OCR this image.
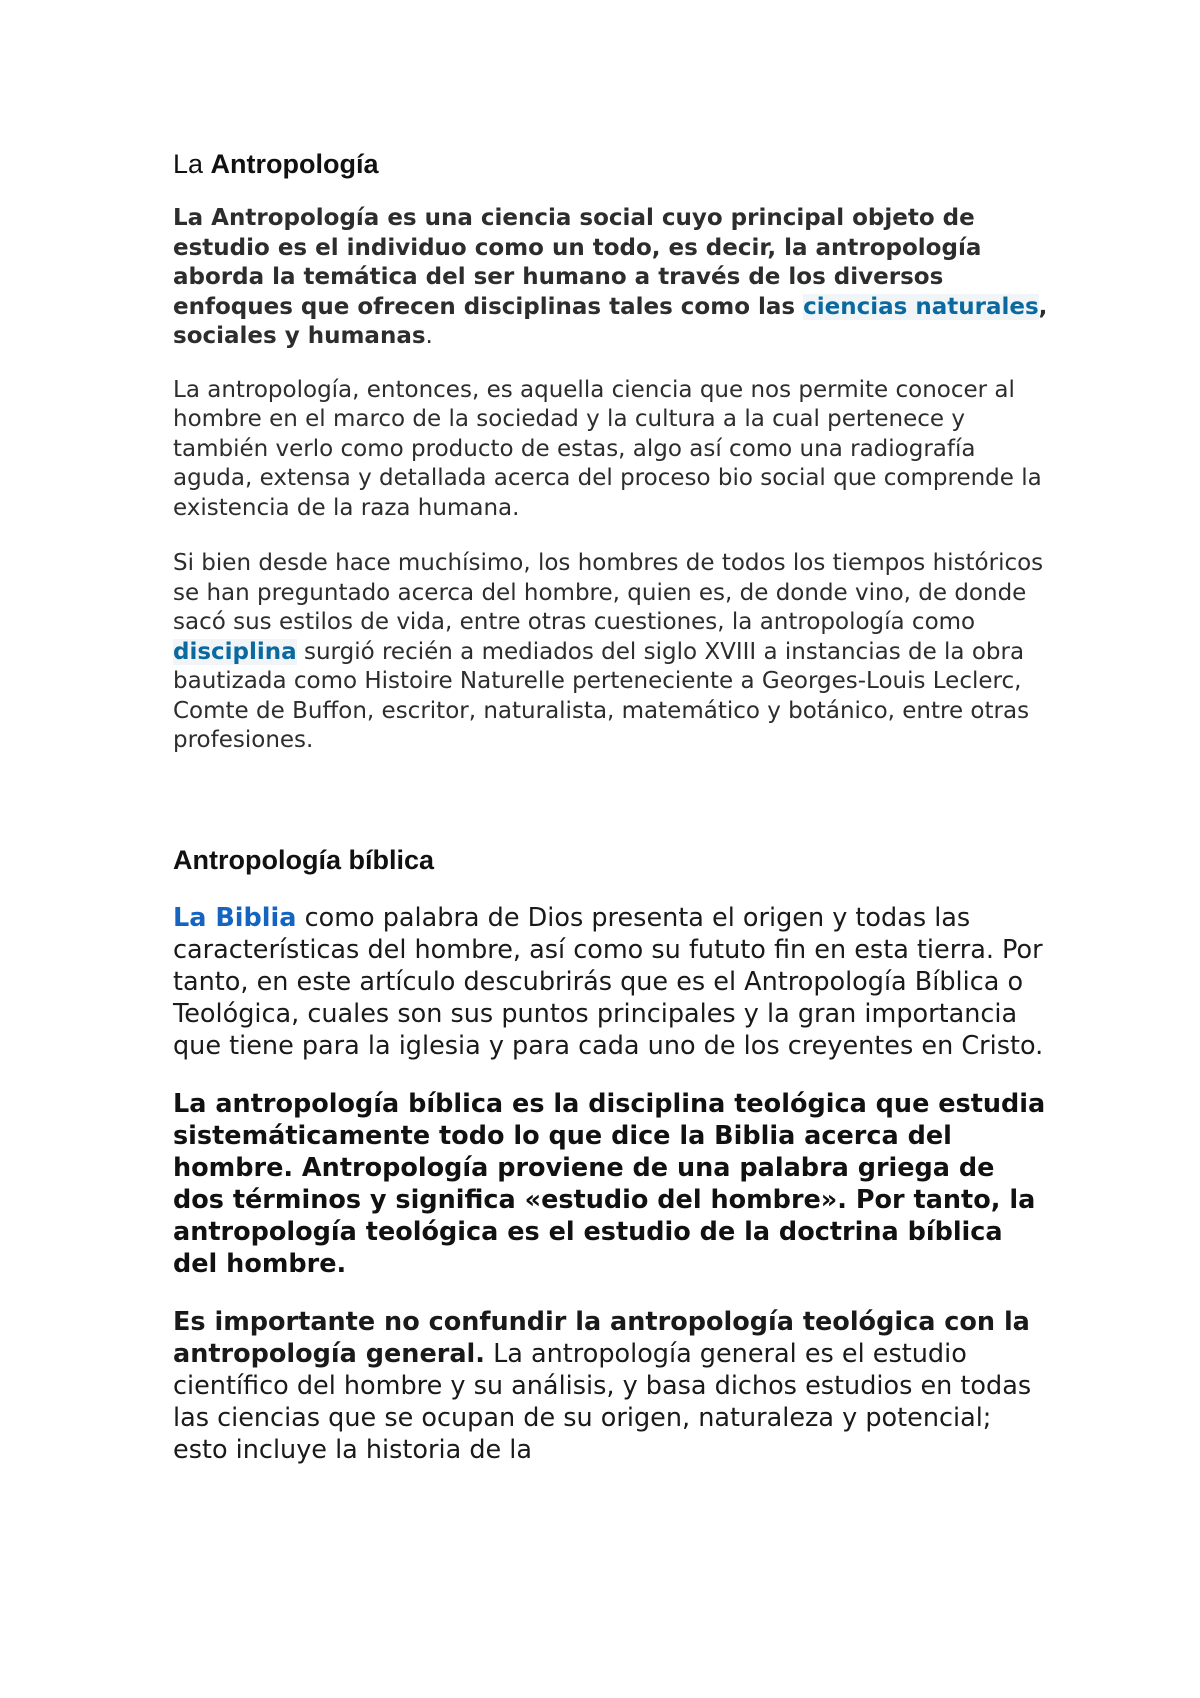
La Antropología

La Antropología es una ciencia social cuyo principal objeto de estudio es el individuo como un todo, es decir, la antropología aborda la temática del ser humano a través de los diversos enfoques que ofrecen disciplinas tales como las ciencias naturales, sociales y humanas.

La antropología, entonces, es aquella ciencia que nos permite conocer al hombre en el marco de la sociedad y la cultura a la cual pertenece y también verlo como producto de estas, algo así como una radiografía aguda, extensa y detallada acerca del proceso bio social que comprende la existencia de la raza humana.

Si bien desde hace muchísimo, los hombres de todos los tiempos históricos se han preguntado acerca del hombre, quien es, de donde vino, de donde sacó sus estilos de vida, entre otras cuestiones, la antropología como disciplina surgió recién a mediados del siglo XVIII a instancias de la obra bautizada como Histoire Naturelle perteneciente a Georges-Louis Leclerc, Comte de Buffon, escritor, naturalista, matemático y botánico, entre otras profesiones.

Antropología bíblica

La Biblia como palabra de Dios presenta el origen y todas las características del hombre, así como su fututo fin en esta tierra. Por tanto, en este artículo descubrirás que es el Antropología Bíblica o Teológica, cuales son sus puntos principales y la gran importancia que tiene para la iglesia y para cada uno de los creyentes en Cristo.

La antropología bíblica es la disciplina teológica que estudia sistemáticamente todo lo que dice la Biblia acerca del hombre. Antropología proviene de una palabra griega de dos términos y significa «estudio del hombre». Por tanto, la antropología teológica es el estudio de la doctrina bíblica del hombre.

Es importante no confundir la antropología teológica con la antropología general. La antropología general es el estudio científico del hombre y su análisis, y basa dichos estudios en todas las ciencias que se ocupan de su origen, naturaleza y potencial; esto incluye la historia de la
